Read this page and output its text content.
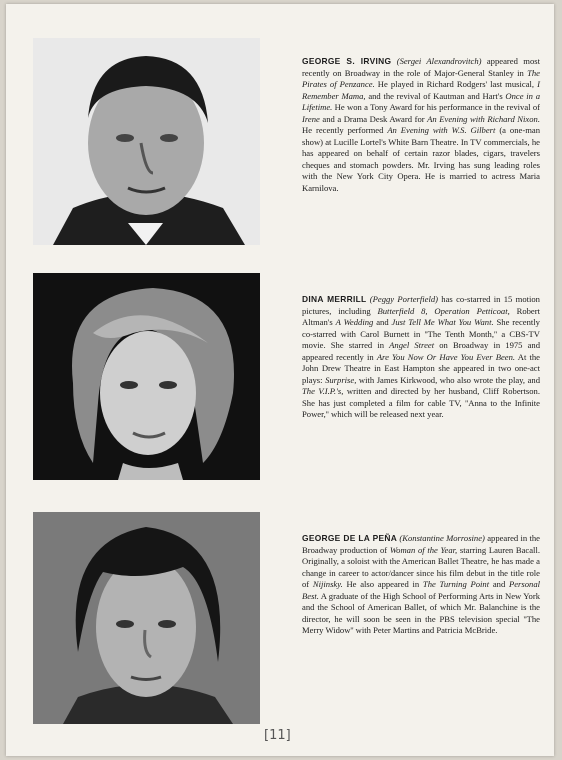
GEORGE S. IRVING (Sergei Alexandrovitch) appeared most recently on Broadway in the role of Major-General Stanley in The Pirates of Penzance. He played in Richard Rodgers' last musical, I Remember Mama, and the revival of Kautman and Hart's Once in a Lifetime. He won a Tony Award for his performance in the revival of Irene and a Drama Desk Award for An Evening with Richard Nixon. He recently performed An Evening with W.S. Gilbert (a one-man show) at Lucille Lortel's White Barn Theatre. In TV commercials, he has appeared on behalf of certain razor blades, cigars, travelers cheques and stomach powders. Mr. Irving has sung leading roles with the New York City Opera. He is married to actress Maria Karnilova.

DINA MERRILL (Peggy Porterfield) has co-starred in 15 motion pictures, including Butterfield 8, Operation Petticoat, Robert Altman's A Wedding and Just Tell Me What You Want. She recently co-starred with Carol Burnett in ''The Tenth Month,'' a CBS-TV movie. She starred in Angel Street on Broadway in 1975 and appeared recently in Are You Now Or Have You Ever Been. At the John Drew Theatre in East Hampton she appeared in two one-act plays: Surprise, with James Kirkwood, who also wrote the play, and The V.I.P.'s, written and directed by her husband, Cliff Robertson. She has just completed a film for cable TV, ''Anna to the Infinite Power,'' which will be released next year.

GEORGE DE LA PEÑA (Konstantine Morrosine) appeared in the Broadway production of Woman of the Year, starring Lauren Bacall. Originally, a soloist with the American Ballet Theatre, he has made a change in career to actor/dancer since his film debut in the title role of Nijinsky. He also appeared in The Turning Point and Personal Best. A graduate of the High School of Performing Arts in New York and the School of American Ballet, of which Mr. Balanchine is the director, he will soon be seen in the PBS television special ''The Merry Widow'' with Peter Martins and Patricia McBride.

[11]
